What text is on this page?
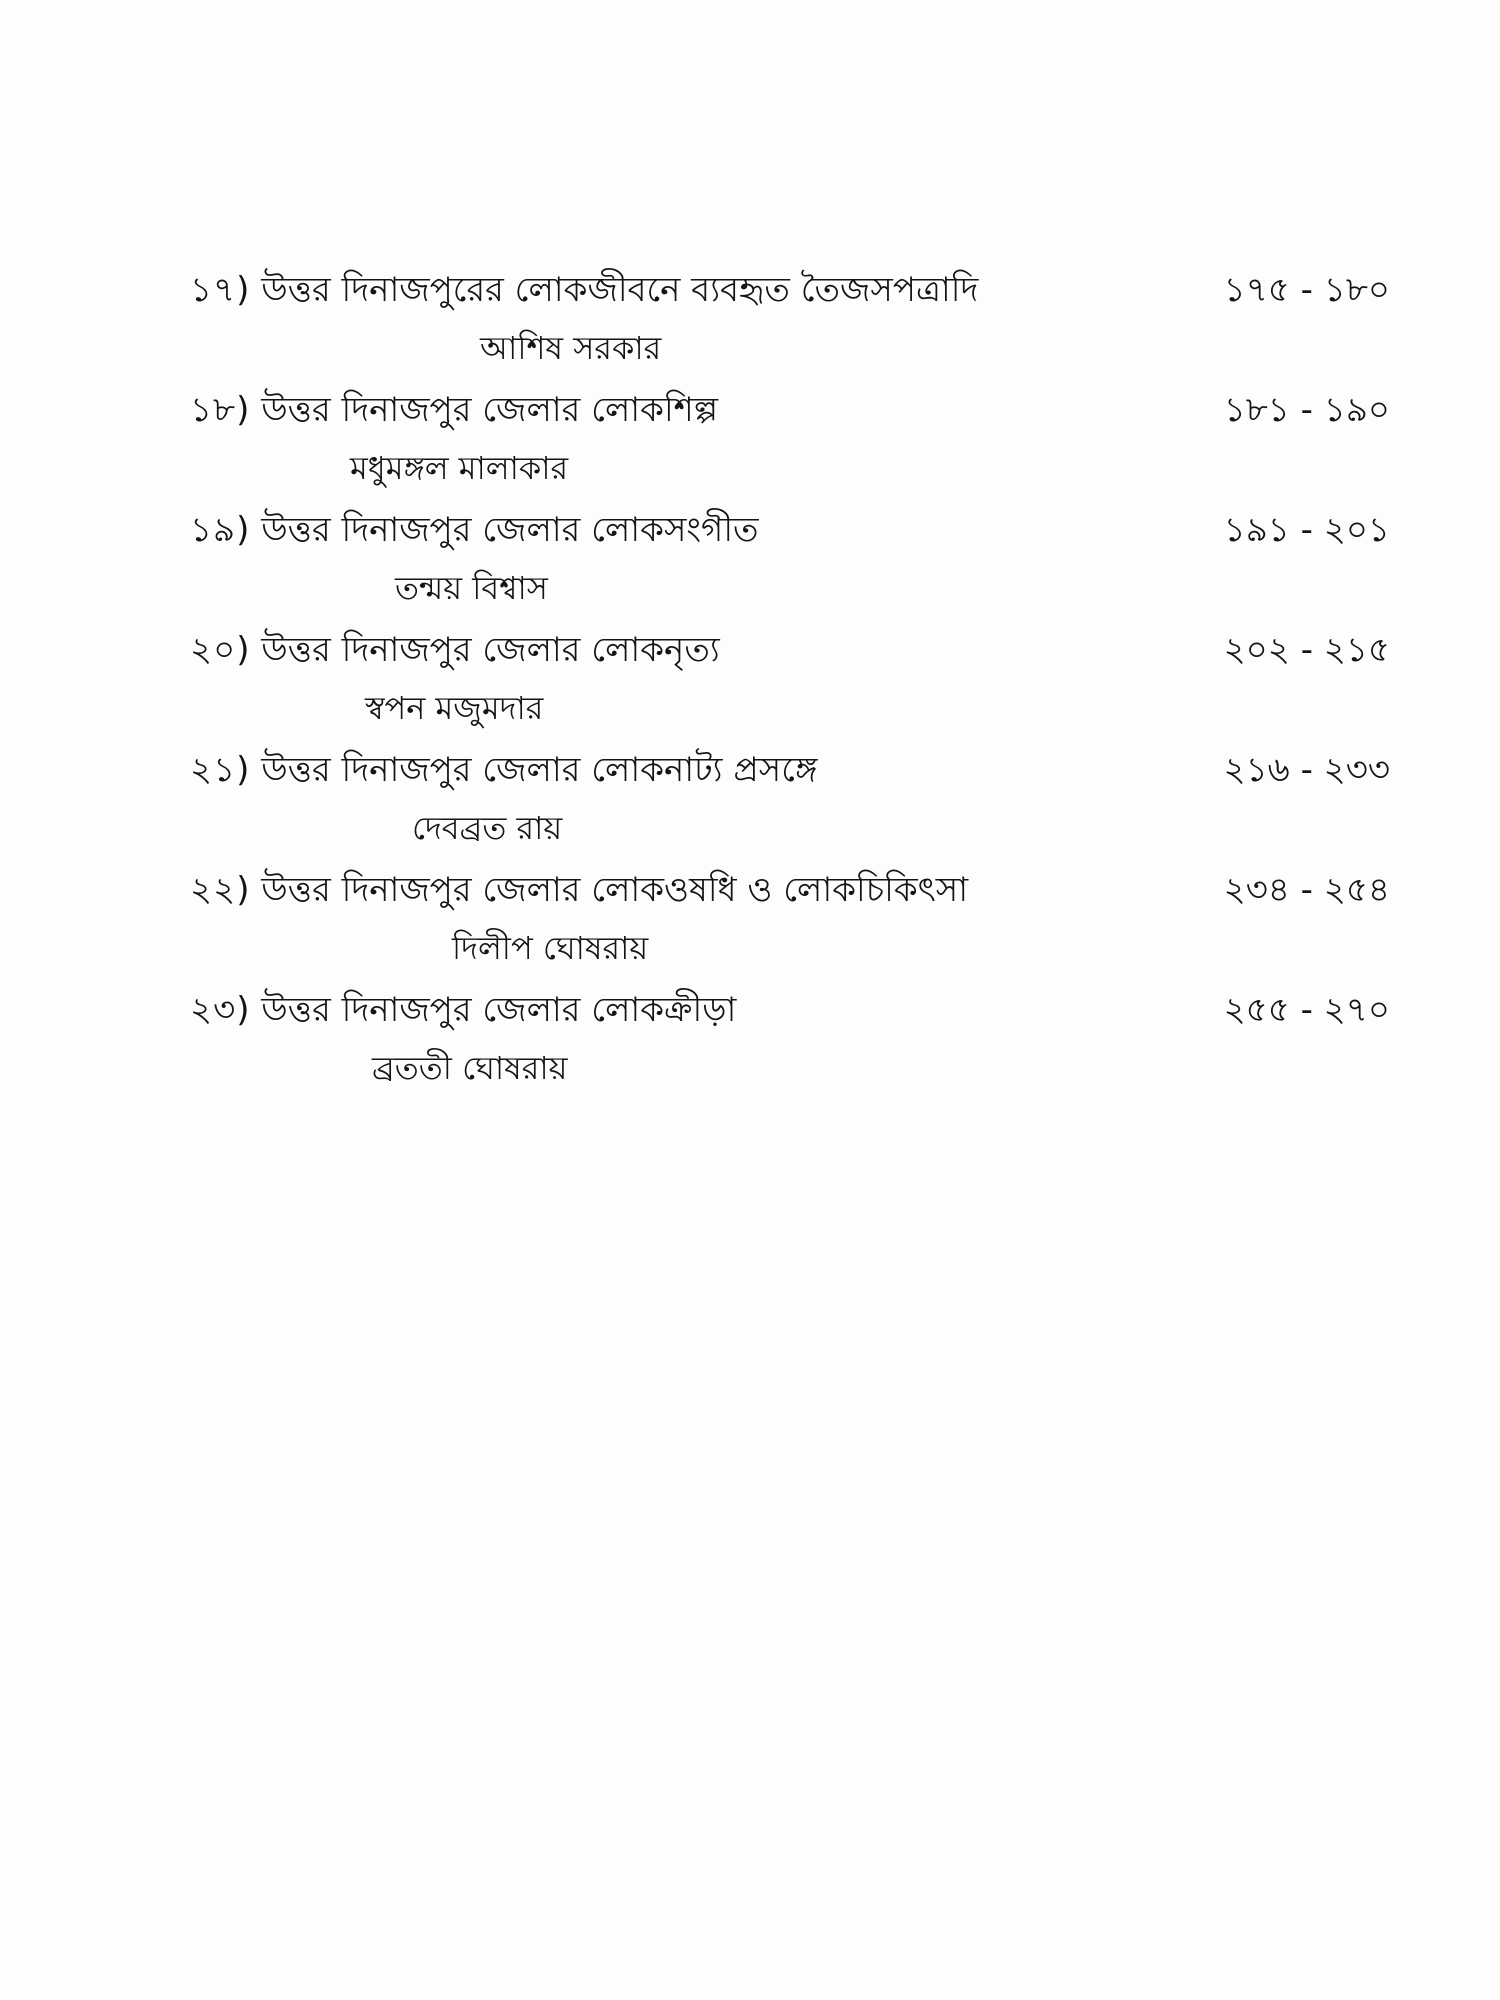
১৭) উত্তর দিনাজপুরের লোকজীবনে ব্যবহৃত তৈজসপত্রাদি	১৭৫ - ১৮০
আশিষ সরকার
১৮) উত্তর দিনাজপুর জেলার লোকশিল্প	১৮১ - ১৯০
মধুমঙ্গল মালাকার
১৯) উত্তর দিনাজপুর জেলার লোকসংগীত	১৯১ - ২০১
তন্ময় বিশ্বাস
২০) উত্তর দিনাজপুর জেলার লোকনৃত্য	২০২ - ২১৫
স্বপন মজুমদার
২১) উত্তর দিনাজপুর জেলার লোকনাট্য প্রসঙ্গে	২১৬ - ২৩৩
দেবব্রত রায়
২২) উত্তর দিনাজপুর জেলার লোকওষধি ও লোকচিকিৎসা	২৩৪ - ২৫৪
দিলীপ ঘোষরায়
২৩) উত্তর দিনাজপুর জেলার লোকক্রীড়া	২৫৫ - ২৭০
ব্রততী ঘোষরায়
